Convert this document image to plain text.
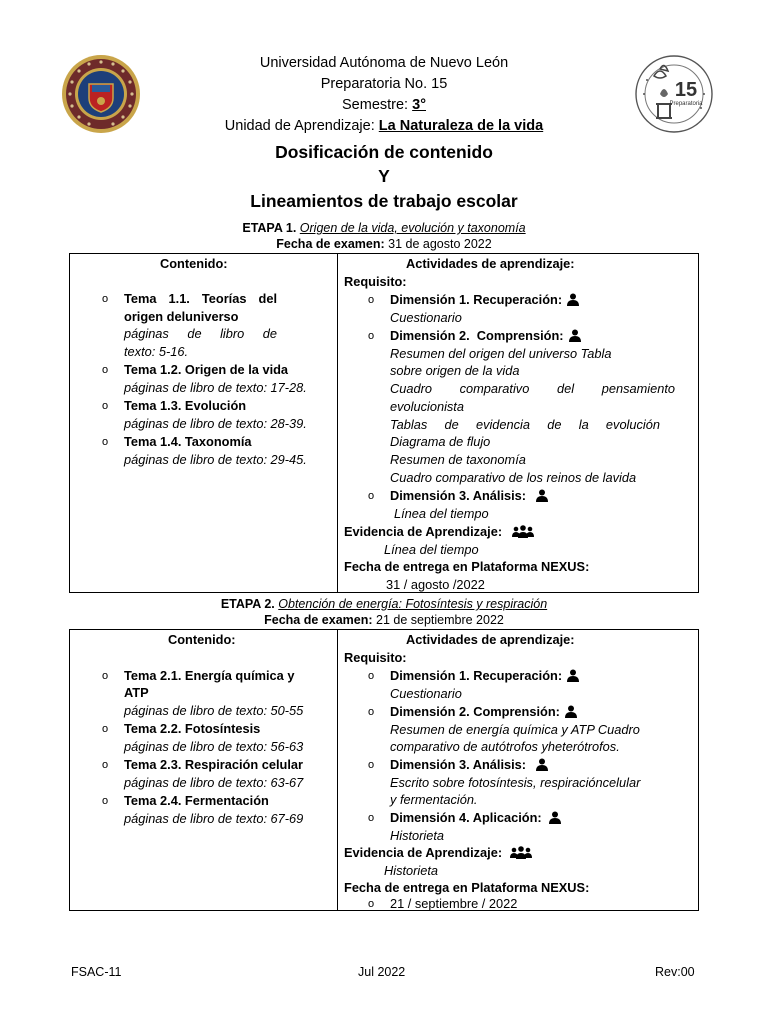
15
Preparatoria
Universidad Autónoma de Nuevo León
Preparatoria No. 15
Semestre: 3°
Unidad de Aprendizaje: La Naturaleza de la vida
Dosificación de contenido
Y
Lineamientos de trabajo escolar
ETAPA 1. Origen de la vida, evolución y taxonomía
Fecha de examen: 31 de agosto 2022
Contenido:
o Tema 1.1. Teorías del
origen deluniverso
páginas de libro de
texto: 5-16.
o Tema 1.2. Origen de la vida
páginas de libro de texto: 17-28.
o Tema 1.3. Evolución
páginas de libro de texto: 28-39.
o Tema 1.4. Taxonomía
páginas de libro de texto: 29-45.
Actividades de aprendizaje:
Requisito:
o Dimensión 1. Recuperación:
Cuestionario
o Dimensión 2. Comprensión:
Resumen del origen del universo Tabla
sobre origen de la vida
Cuadro comparativo del pensamiento
evolucionista
Tablas de evidencia de la evolución
Diagrama de flujo
Resumen de taxonomía
Cuadro comparativo de los reinos de lavida
o Dimensión 3. Análisis:
Línea del tiempo
Evidencia de Aprendizaje:
Línea del tiempo
Fecha de entrega en Plataforma NEXUS:
31 / agosto /2022
ETAPA 2. Obtención de energía: Fotosíntesis y respiración
Fecha de examen: 21 de septiembre 2022
Contenido:
o Tema 2.1. Energía química y
ATP
páginas de libro de texto: 50-55
o Tema 2.2. Fotosíntesis
páginas de libro de texto: 56-63
o Tema 2.3. Respiración celular
páginas de libro de texto: 63-67
o Tema 2.4. Fermentación
páginas de libro de texto: 67-69
Actividades de aprendizaje:
Requisito:
o Dimensión 1. Recuperación:
Cuestionario
o Dimensión 2. Comprensión:
Resumen de energía química y ATP Cuadro
comparativo de autótrofos yheterótrofos.
o Dimensión 3. Análisis:
Escrito sobre fotosíntesis, respiracióncelular
y fermentación.
o Dimensión 4. Aplicación:
Historieta
Evidencia de Aprendizaje:
Historieta
Fecha de entrega en Plataforma NEXUS:
o 21 / septiembre / 2022
FSAC-11	Jul 2022	Rev:00
